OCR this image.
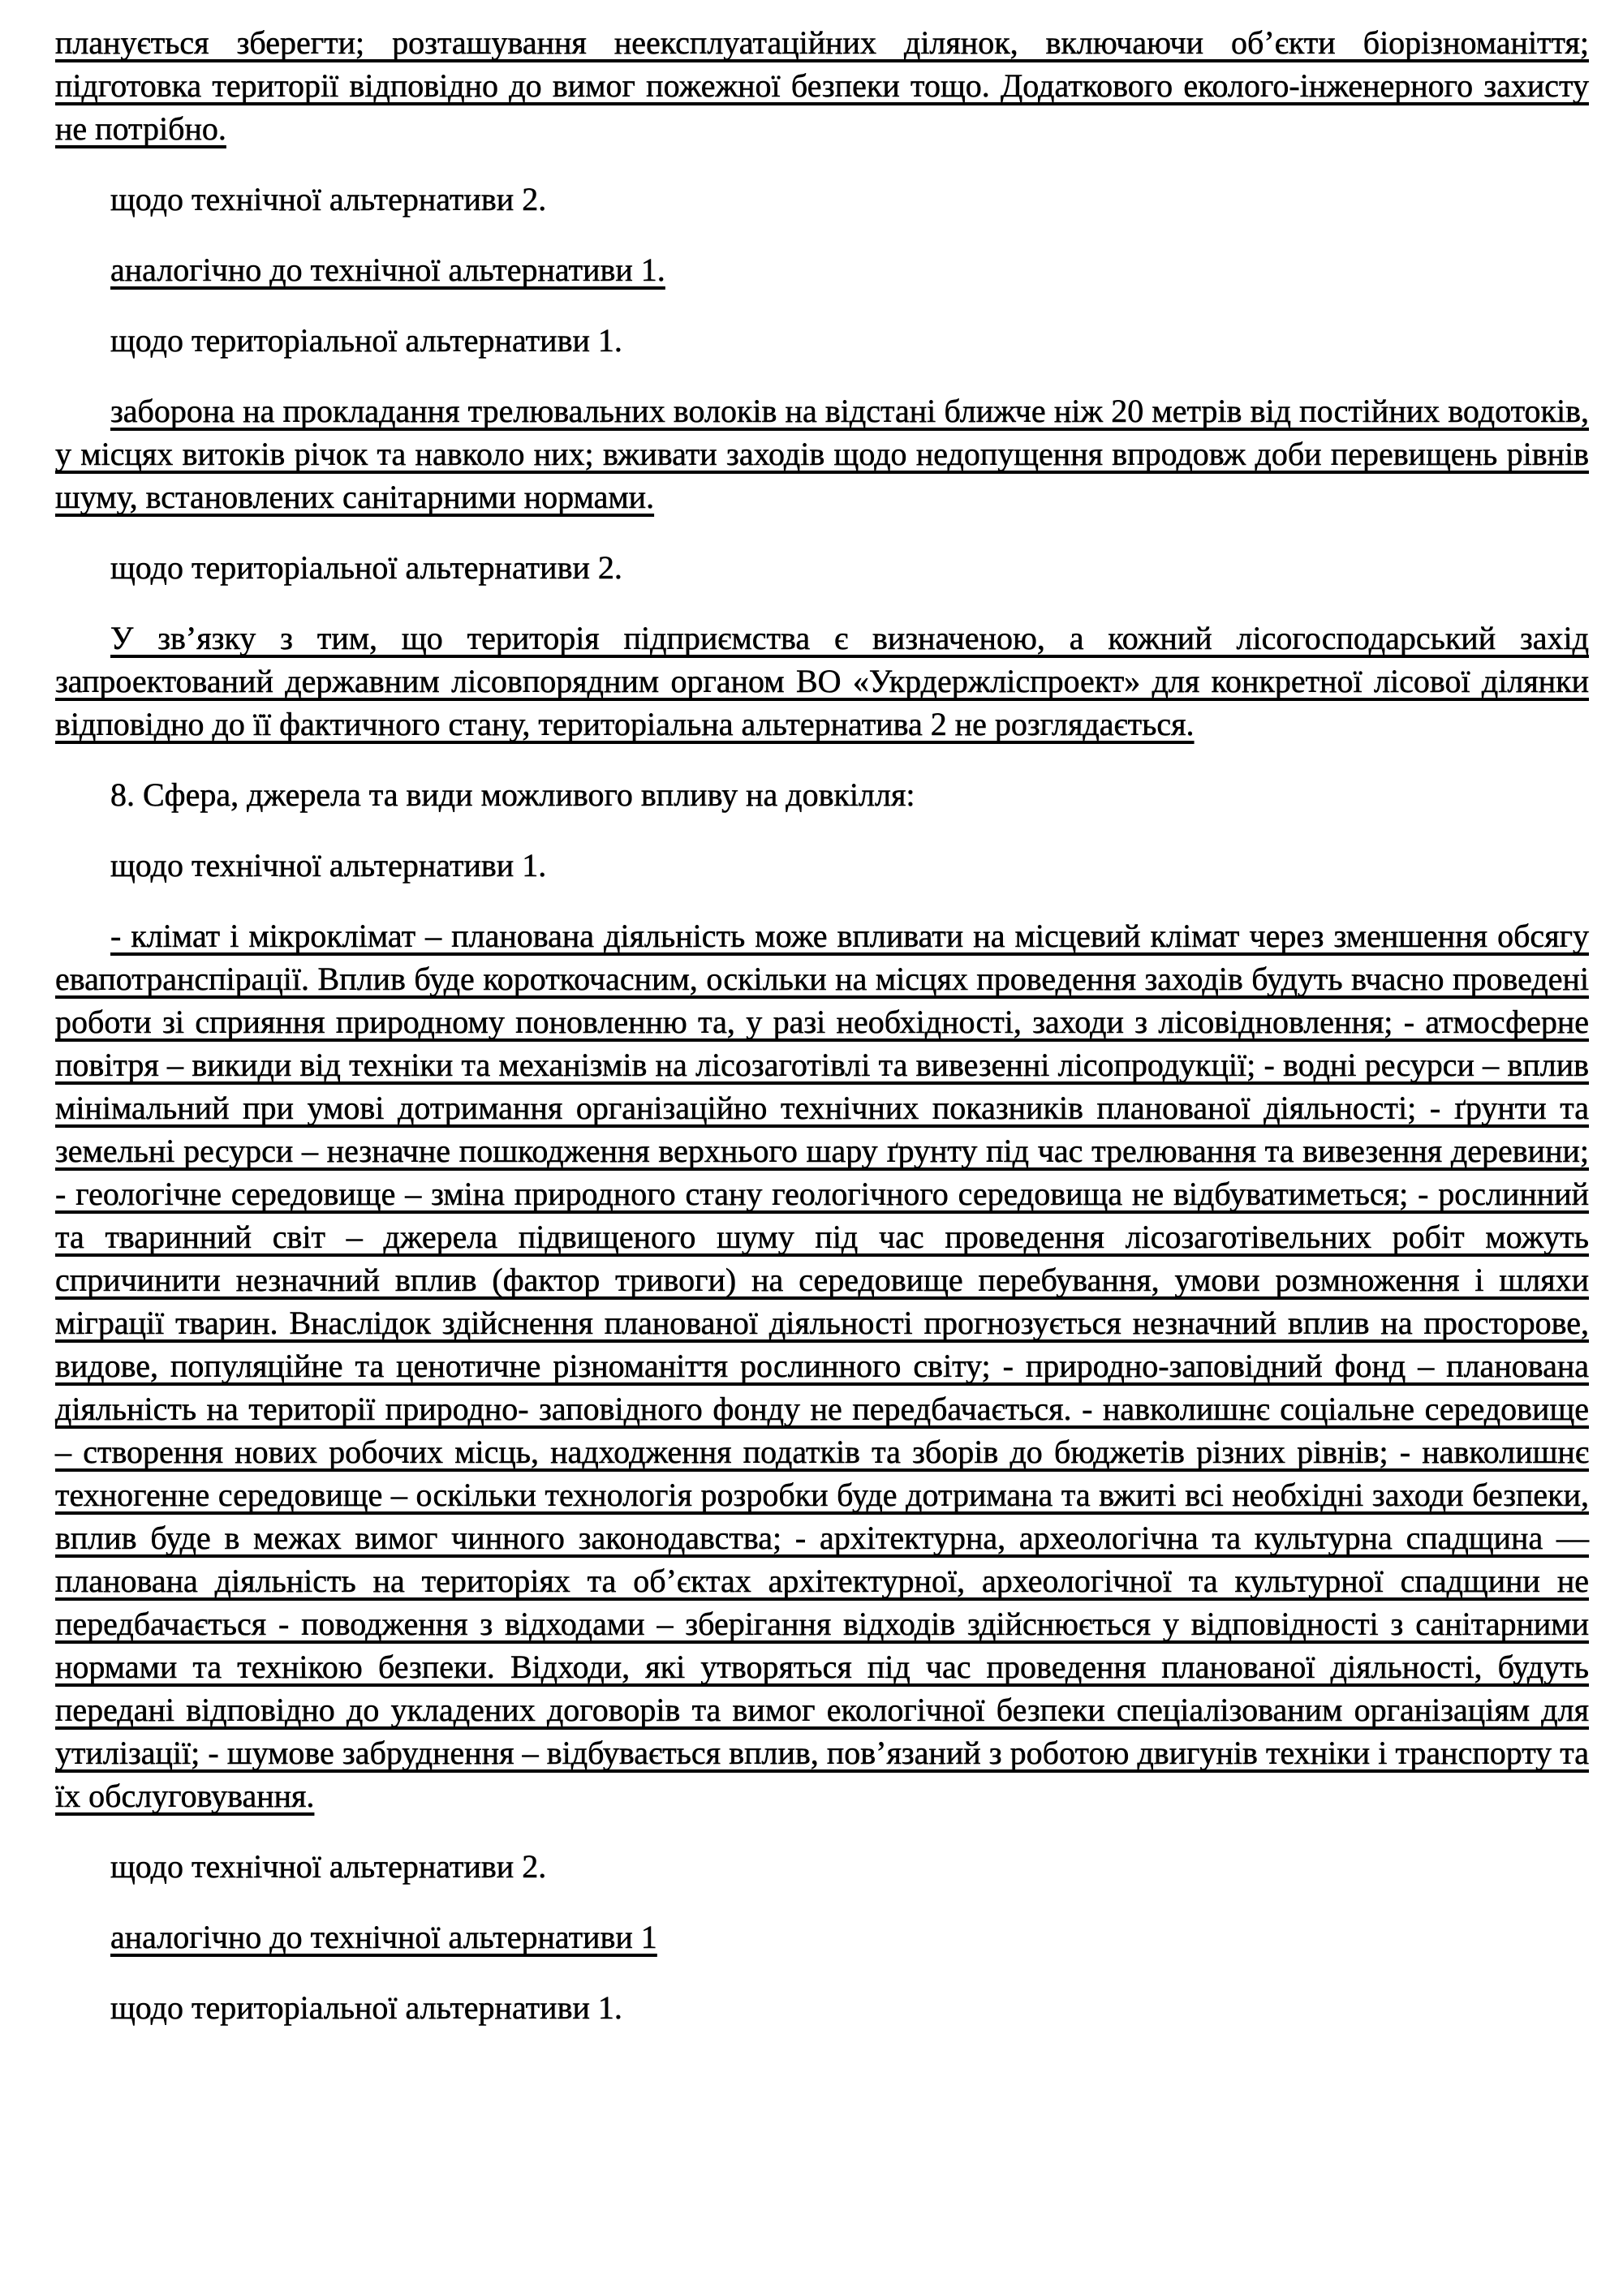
планується зберегти; розташування неексплуатаційних ділянок, включаючи об’єкти біорізноманіття; підготовка території відповідно до вимог пожежної безпеки тощо. Додаткового еколого-інженерного захисту не потрібно.

щодо технічної альтернативи 2.

аналогічно до технічної альтернативи 1.

щодо територіальної альтернативи 1.

заборона на прокладання трелювальних волоків на відстані ближче ніж 20 метрів від постійних водотоків, у місцях витоків річок та навколо них; вживати заходів щодо недопущення впродовж доби перевищень рівнів шуму, встановлених санітарними нормами.

щодо територіальної альтернативи 2.

У зв’язку з тим, що територія підприємства є визначеною, а кожний лісогосподарський захід запроектований державним лісовпорядним органом ВО «Укрдержліспроект» для конкретної лісової ділянки відповідно до її фактичного стану, територіальна альтернатива 2 не розглядається.

8. Сфера, джерела та види можливого впливу на довкілля:

щодо технічної альтернативи 1.

- клімат і мікроклімат – планована діяльність може впливати на місцевий клімат через зменшення обсягу евапотранспірації. Вплив буде короткочасним, оскільки на місцях проведення заходів будуть вчасно проведені роботи зі сприяння природному поновленню та, у разі необхідності, заходи з лісовідновлення; - атмосферне повітря – викиди від техніки та механізмів на лісозаготівлі та вивезенні лісопродукції; - водні ресурси – вплив мінімальний при умові дотримання організаційно технічних показників планованої діяльності; - ґрунти та земельні ресурси – незначне пошкодження верхнього шару ґрунту під час трелювання та вивезення деревини; - геологічне середовище – зміна природного стану геологічного середовища не відбуватиметься; - рослинний та тваринний світ – джерела підвищеного шуму під час проведення лісозаготівельних робіт можуть спричинити незначний вплив (фактор тривоги) на середовище перебування, умови розмноження і шляхи міграції тварин. Внаслідок здійснення планованої діяльності прогнозується незначний вплив на просторове, видове, популяційне та ценотичне різноманіття рослинного світу; - природно-заповідний фонд – планована діяльність на території природно- заповідного фонду не передбачається. - навколишнє соціальне середовище – створення нових робочих місць, надходження податків та зборів до бюджетів різних рівнів; - навколишнє техногенне середовище – оскільки технологія розробки буде дотримана та вжиті всі необхідні заходи безпеки, вплив буде в межах вимог чинного законодавства; - архітектурна, археологічна та культурна спадщина — планована діяльність на територіях та об’єктах архітектурної, археологічної та культурної спадщини не передбачається - поводження з відходами – зберігання відходів здійснюється у відповідності з санітарними нормами та технікою безпеки. Відходи, які утворяться під час проведення планованої діяльності, будуть передані відповідно до укладених договорів та вимог екологічної безпеки спеціалізованим організаціям для утилізації; - шумове забруднення – відбувається вплив, пов’язаний з роботою двигунів техніки і транспорту та їх обслуговування.

щодо технічної альтернативи 2.

аналогічно до технічної альтернативи 1

щодо територіальної альтернативи 1.
